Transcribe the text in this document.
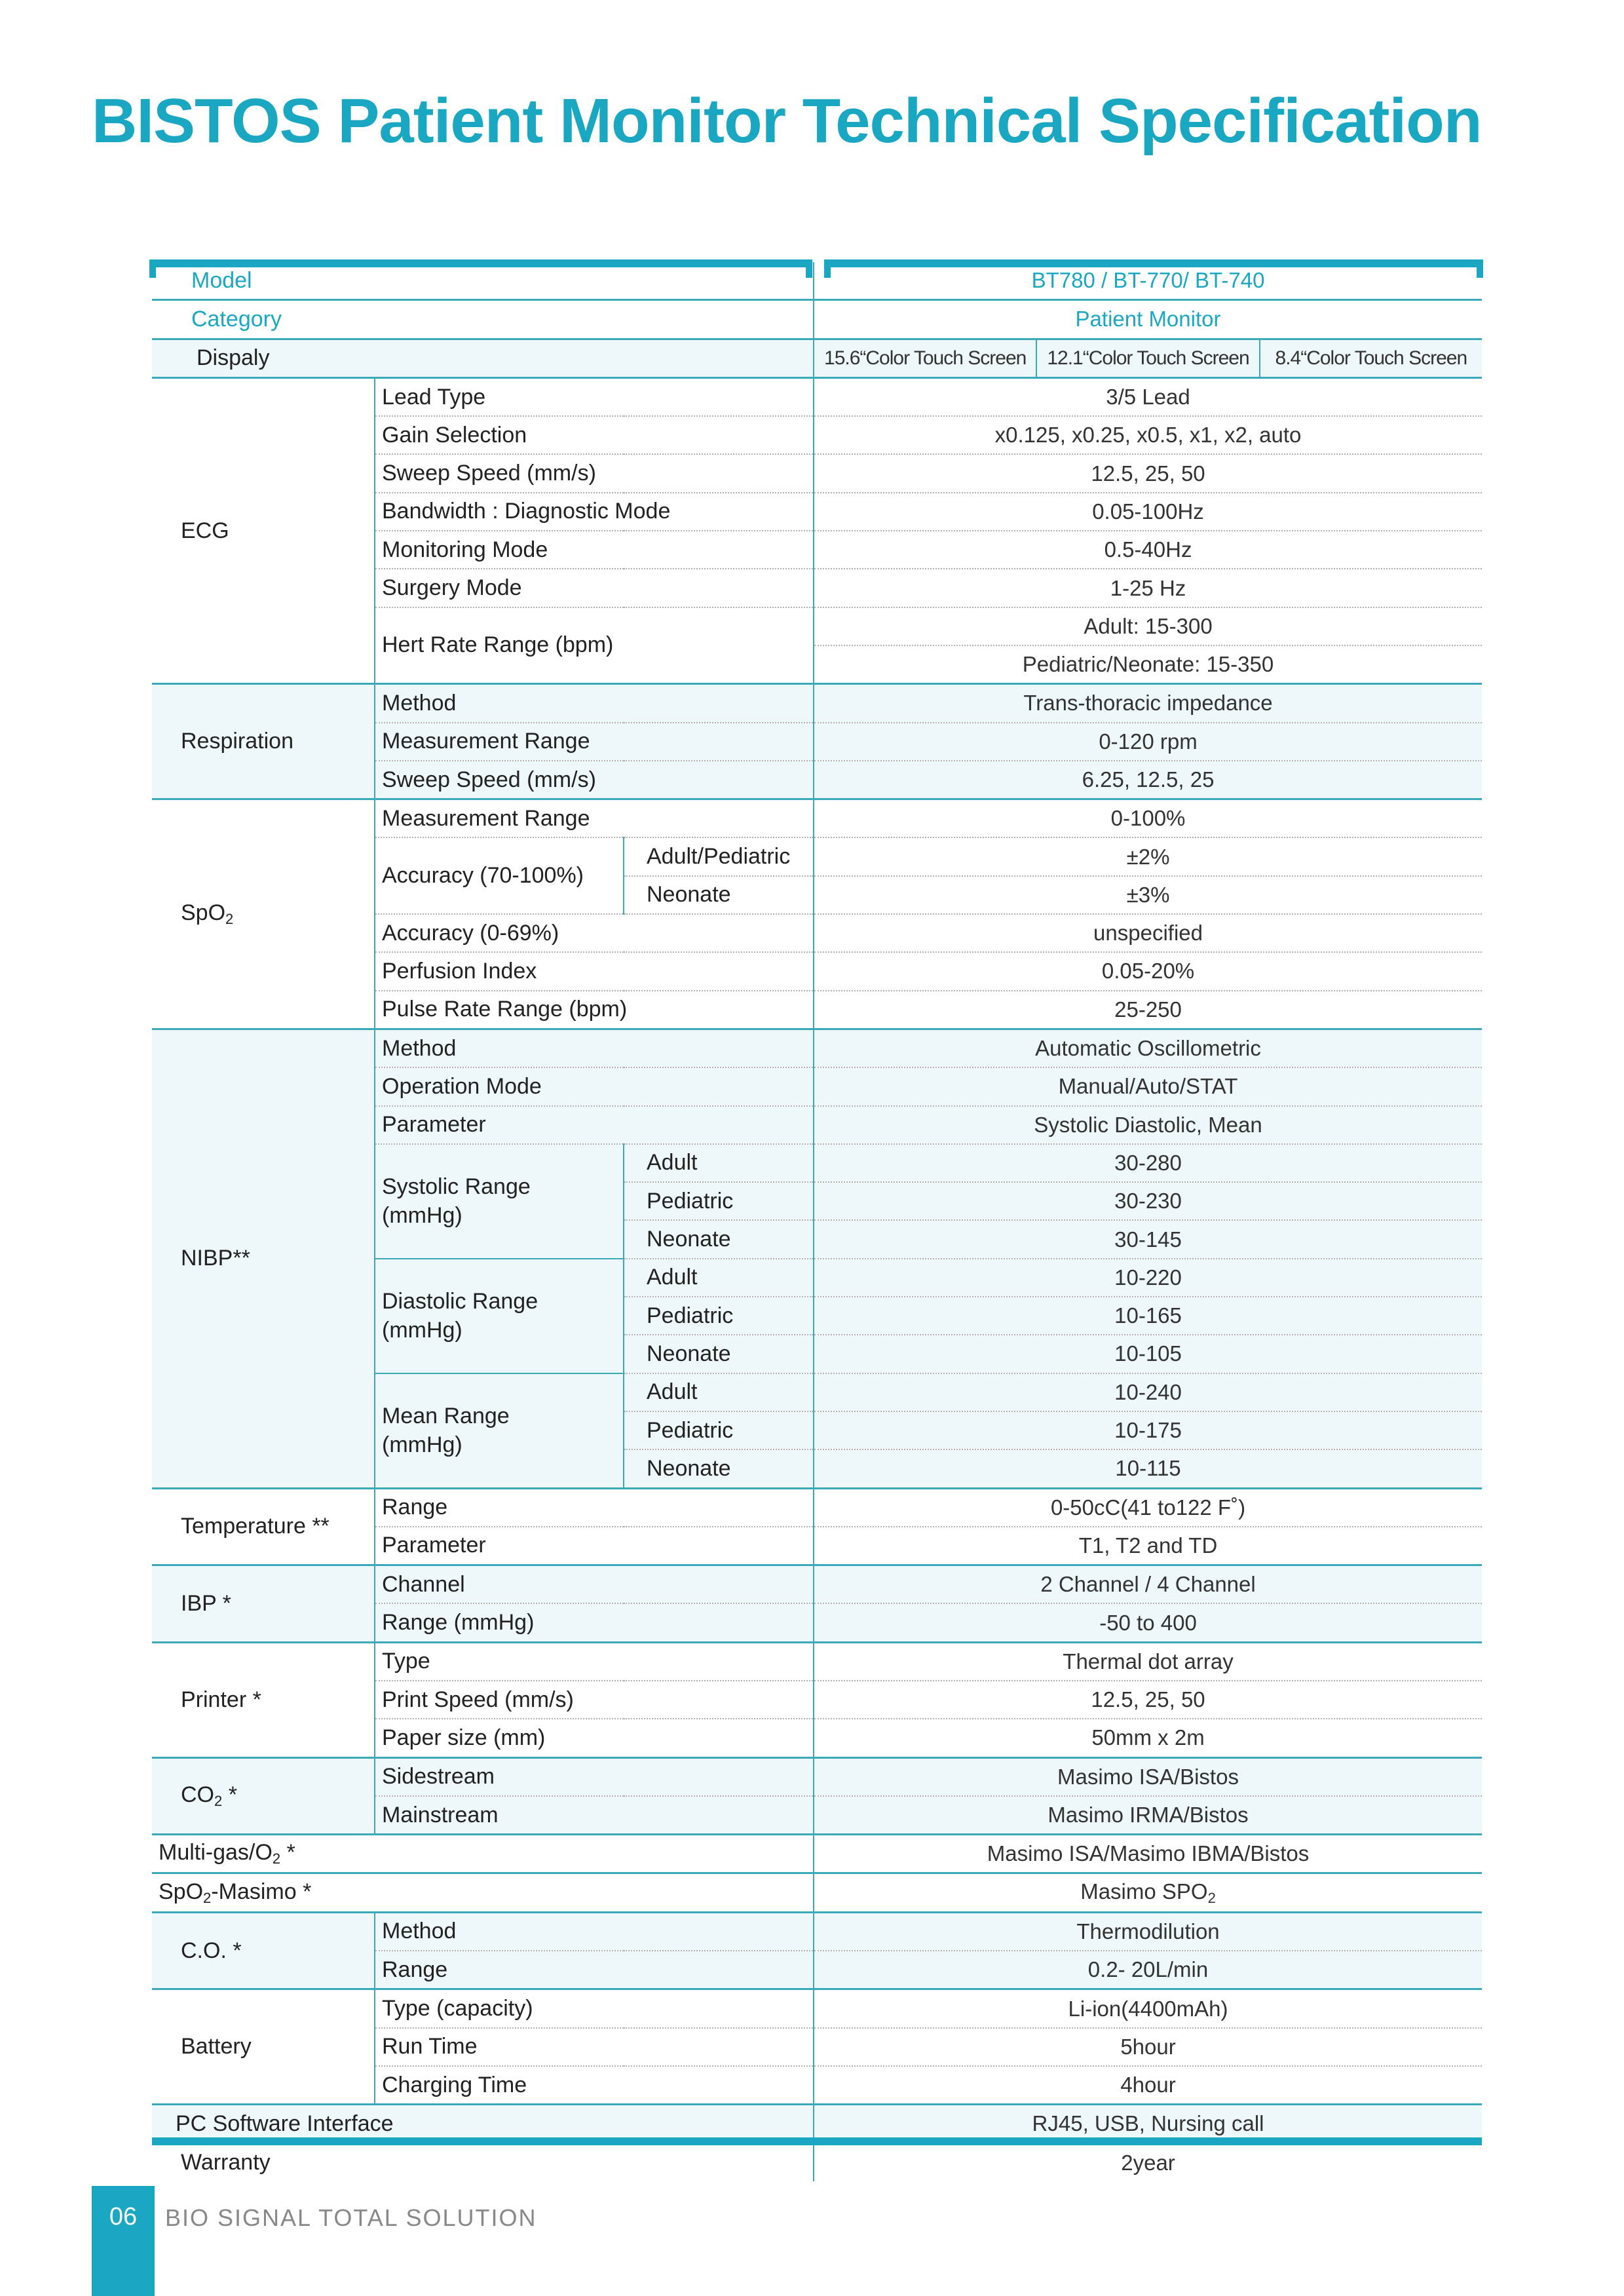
BISTOS Patient Monitor Technical Specification
Model			BT780 / BT-770/ BT-740
Category			Patient Monitor
Dispaly			15.6“Color Touch Screen 12.1“Color Touch Screen 8.4“Color Touch Screen

ECG	Lead Type		3/5 Lead
	Gain Selection		x0.125, x0.25, x0.5, x1, x2, auto
	Sweep Speed (mm/s)		12.5, 25, 50
	Bandwidth : Diagnostic Mode		0.05-100Hz
	Monitoring Mode		0.5-40Hz
	Surgery Mode		1-25 Hz
	Hert Rate Range (bpm)		Adult: 15-300
			Pediatric/Neonate: 15-350
Respiration	Method		Trans-thoracic impedance
	Measurement Range		0-120 rpm
	Sweep Speed (mm/s)		6.25, 12.5, 25
SpO$_2$	Measurement Range		0-100%
	Accuracy (70-100%)	Adult/Pediatric	±2%
		Neonate	±3%
	Accuracy (0-69%)		unspecified
	Perfusion Index		0.05-20%
	Pulse Rate Range (bpm)		25-250
NIBP**	Method		Automatic Oscillometric
	Operation Mode		Manual/Auto/STAT
	Parameter		Systolic Diastolic, Mean
	Systolic Range
(mmHg)	Adult	30-280
		Pediatric	30-230
		Neonate	30-145
	Diastolic Range
(mmHg)	Adult	10-220
		Pediatric	10-165
		Neonate	10-105
	Mean Range
(mmHg)	Adult	10-240
		Pediatric	10-175
		Neonate	10-115
Temperature **	Range		0-50cC(41 to122 F˚)
	Parameter		T1, T2 and TD
IBP *	Channel		2 Channel / 4 Channel
	Range (mmHg)		-50 to 400
Printer *	Type		Thermal dot array
	Print Speed (mm/s)		12.5, 25, 50
	Paper size (mm)		50mm x 2m
$CO_2$ *	Sidestream		Masimo ISA/Bistos
	Mainstream		Masimo IRMA/Bistos
Multi-$gas/O_2$ *			Masimo ISA/Masimo IBMA/Bistos
SpO$_2$-Masimo *			Masimo $SPO_2$
C.O. *	Method		Thermodilution
	Range		0.2- 20L/min
Battery	Type (capacity)		Li-ion(4400mAh)
	Run Time		5hour
	Charging Time		4hour
PC Software Interface			RJ45, USB, Nursing call
Warranty			2year
06	BIO SIGNAL TOTAL SOLUTION
